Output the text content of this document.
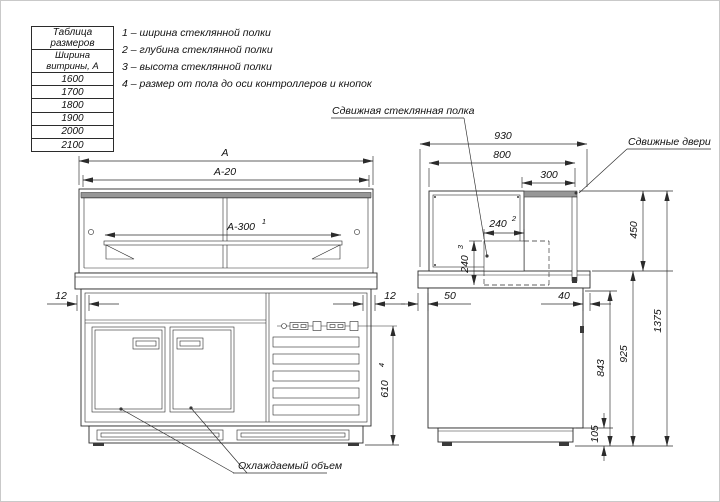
Таблица размеров
Ширина витрины, А
1600
1700
1800
1900
2000
2100
1 – ширина стеклянной полки
2 – глубина стеклянной полки
3 – высота стеклянной полки
4 – размер от пола до оси контроллеров и кнопок
А
А-20
А-300 1
12	12
610
4
Охлаждаемый объем
Сдвижная стеклянная полка
Сдвижные двери
930
800
300
240 2
240
3
50	40
843
105
925
450
1375
